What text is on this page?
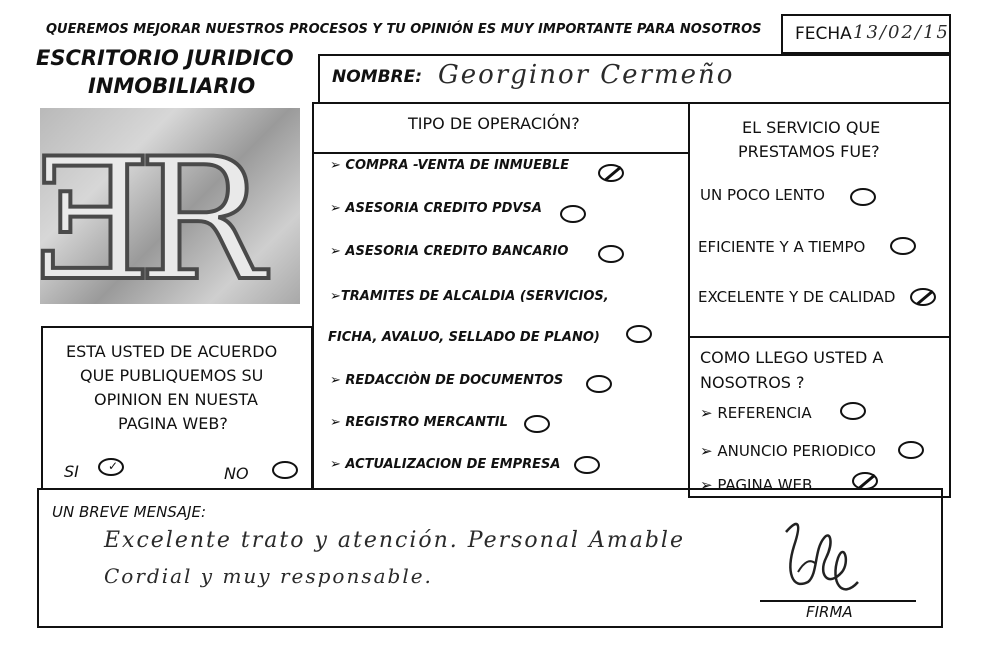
QUEREMOS MEJORAR NUESTROS PROCESOS Y TU OPINIÓN ES MUY IMPORTANTE PARA NOSOTROS FECHA 13/02/15
ESCRITORIO JURIDICO
INMOBILIARIO
E
R
NOMBRE: Georginor Cermeño
TIPO DE OPERACIÓN?
➢ COMPRA -VENTA DE INMUEBLE
➢ ASESORIA CREDITO PDVSA
➢ ASESORIA CREDITO BANCARIO
➢TRAMITES DE ALCALDIA (SERVICIOS,
FICHA, AVALUO, SELLADO DE PLANO)
➢ REDACCIÒN DE DOCUMENTOS
➢ REGISTRO MERCANTIL
➢ ACTUALIZACION DE EMPRESA
EL SERVICIO QUE
PRESTAMOS FUE?
UN POCO LENTO
EFICIENTE Y A TIEMPO
EXCELENTE Y DE CALIDAD
COMO LLEGO USTED A
NOSOTROS ?
➢ REFERENCIA
➢ ANUNCIO PERIODICO
➢ PAGINA WEB
ESTA USTED DE ACUERDO
QUE PUBLIQUEMOS SU
OPINION EN NUESTA
PAGINA WEB?
SI ✓	NO
UN BREVE MENSAJE:
Excelente trato y atención. Personal Amable
Cordial y muy responsable.
FIRMA
